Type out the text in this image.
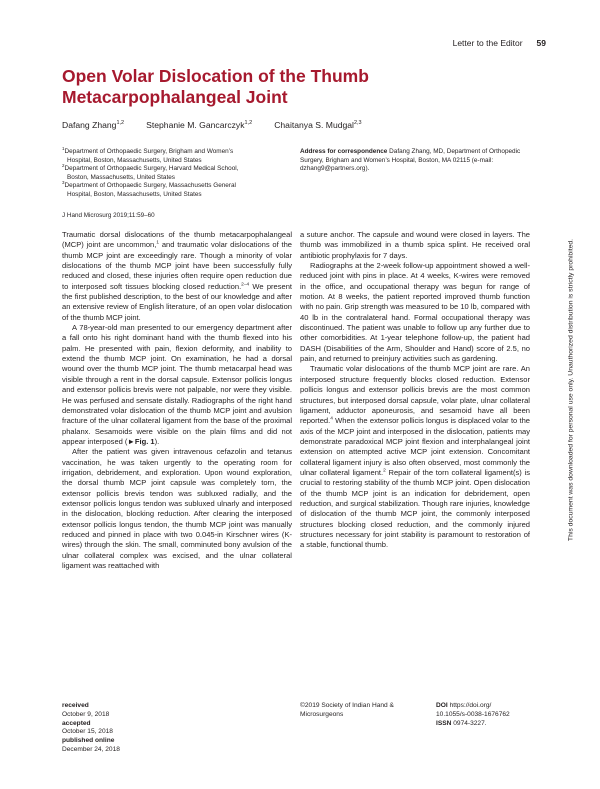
Letter to the Editor 59
Open Volar Dislocation of the Thumb Metacarpophalangeal Joint
Dafang Zhang$^{1,2}$	Stephanie M. Gancarczyk$^{1,2}$	Chaitanya S. Mudgal$^{2,3}$

$^1$Department of Orthopaedic Surgery, Brigham and Women’s

Hospital, Boston, Massachusetts, United States

$^2$Department of Orthopaedic Surgery, Harvard Medical School,

Boston, Massachusetts, United States

$^3$Department of Orthopaedic Surgery, Massachusetts General

Hospital, Boston, Massachusetts, United States

Address for correspondence Dafang Zhang, MD, Department of Orthopedic Surgery, Brigham and Women’s Hospital, Boston, MA 02115 (e-mail: dzhang9@partners.org).
J Hand Microsurg 2019;11:59–60

Traumatic dorsal dislocations of the thumb metacarpophalangeal (MCP) joint are uncommon,$^1$ and traumatic volar dislocations of the thumb MCP joint are exceedingly rare. Though a minority of volar dislocations of the thumb MCP joint have been successfully fully reduced and closed, these injuries often require open reduction due to interposed soft tissues blocking closed reduction.$^{2-4}$ We present the first published description, to the best of our knowledge and after an extensive review of English literature, of an open volar dislocation of the thumb MCP joint.

A 78-year-old man presented to our emergency department after a fall onto his right dominant hand with the thumb flexed into his palm. He presented with pain, flexion deformity, and inability to extend the thumb MCP joint. On examination, he had a dorsal wound over the thumb MCP joint. The thumb metacarpal head was visible through a rent in the dorsal capsule. Extensor pollicis longus and extensor pollicis brevis were not palpable, nor were they visible. He was perfused and sensate distally. Radiographs of the right hand demonstrated volar dislocation of the thumb MCP joint and avulsion fracture of the ulnar collateral ligament from the base of the proximal phalanx. Sesamoids were visible on the plain films and did not appear interposed (►Fig. 1).

After the patient was given intravenous cefazolin and tetanus vaccination, he was taken urgently to the operating room for irrigation, debridement, and exploration. Upon wound exploration, the dorsal thumb MCP joint capsule was completely torn, the extensor pollicis brevis tendon was subluxed radially, and the extensor pollicis longus tendon was subluxed ulnarly and interposed in the dislocation, blocking reduction. After clearing the interposed extensor pollicis longus tendon, the thumb MCP joint was manually reduced and pinned in place with two 0.045-in Kirschner wires (K-wires) through the skin. The small, comminuted bony avulsion of the ulnar collateral complex was excised, and the ulnar collateral ligament was reattached with

a suture anchor. The capsule and wound were closed in layers. The thumb was immobilized in a thumb spica splint. He received oral antibiotic prophylaxis for 7 days.

Radiographs at the 2-week follow-up appointment showed a well-reduced joint with pins in place. At 4 weeks, K-wires were removed in the office, and occupational therapy was begun for range of motion. At 8 weeks, the patient reported improved thumb function with no pain. Grip strength was measured to be 10 lb, compared with 40 lb in the contralateral hand. Formal occupational therapy was discontinued. The patient was unable to follow up any further due to other comorbidities. At 1-year telephone follow-up, the patient had DASH (Disabilities of the Arm, Shoulder and Hand) score of 2.5, no pain, and returned to preinjury activities such as gardening.

Traumatic volar dislocations of the thumb MCP joint are rare. An interposed structure frequently blocks closed reduction. Extensor pollicis longus and extensor pollicis brevis are the most common structures, but interposed dorsal capsule, volar plate, ulnar collateral ligament, adductor aponeurosis, and sesamoid have all been reported.$^4$ When the extensor pollicis longus is displaced volar to the axis of the MCP joint and interposed in the dislocation, patients may demonstrate paradoxical MCP joint flexion and interphalangeal joint extension on attempted active MCP joint extension. Concomitant collateral ligament injury is also often observed, most commonly the ulnar collateral ligament.$^2$ Repair of the torn collateral ligament(s) is crucial to restoring stability of the thumb MCP joint. Open dislocation of the thumb MCP joint is an indication for debridement, open reduction, and surgical stabilization. Though rare injuries, knowledge of dislocation of the thumb MCP joint, the commonly interposed structures blocking closed reduction, and the commonly injured structures necessary for joint stability is paramount to restoration of a stable, functional thumb.

received
October 9, 2018
accepted
October 15, 2018
published online
December 24, 2018
©2019 Society of Indian Hand & Microsurgeons
DOI https://doi.org/
10.1055/s-0038-1676762
ISSN 0974-3227.
This document was downloaded for personal use only. Unauthorized distribution is strictly prohibited.
